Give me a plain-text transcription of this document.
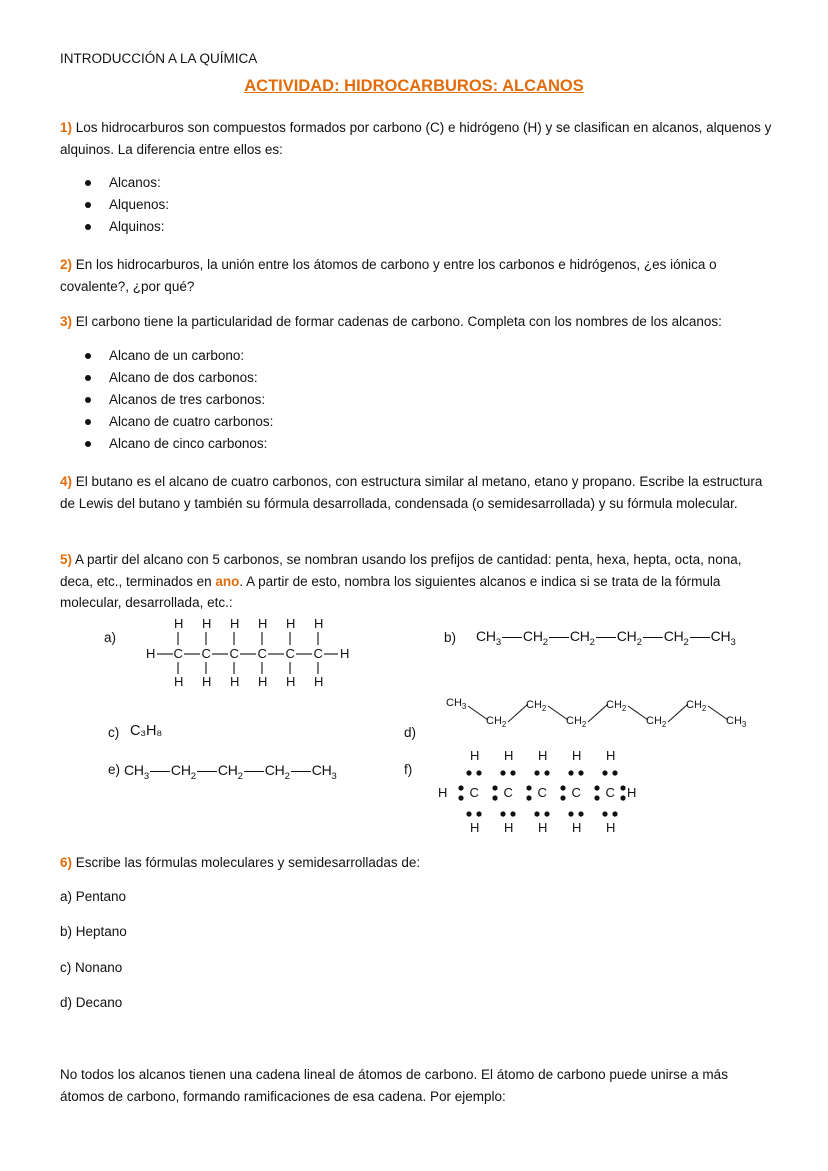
INTRODUCCIÓN A LA QUÍMICA
ACTIVIDAD: HIDROCARBUROS: ALCANOS
1) Los hidrocarburos son compuestos formados por carbono (C) e hidrógeno (H) y se clasifican en alcanos, alquenos y alquinos. La diferencia entre ellos es:
Alcanos:
Alquenos:
Alquinos:
2) En los hidrocarburos, la unión entre los átomos de carbono y entre los carbonos e hidrógenos, ¿es iónica o covalente?, ¿por qué?
3) El carbono tiene la particularidad de formar cadenas de carbono. Completa con los nombres de los alcanos:
Alcano de un carbono:
Alcano de dos carbonos:
Alcanos de tres carbonos:
Alcano de cuatro carbonos:
Alcano de cinco carbonos:
4) El butano es el alcano de cuatro carbonos, con estructura similar al metano, etano y propano. Escribe la estructura de Lewis del butano y también su fórmula desarrollada, condensada (o semidesarrollada) y su fórmula molecular.
5) A partir del alcano con 5 carbonos, se nombran usando los prefijos de cantidad: penta, hexa, hepta, octa, nona, deca, etc., terminados en ano. A partir de esto, nombra los siguientes alcanos e indica si se trata de la fórmula molecular, desarrollada, etc.:
a)	b)
c)	d)
e)	f)
H
H
C
H
H
C
H
H
C
H
H
C
H
H
C
H
H
C
H
H
$CH_3$ $CH_2$ $CH_2$ $CH_2$ $CH_2$ $CH_3$
C₃H₈
$CH_3$
$CH_2$
$CH_2$
$CH_2$
$CH_2$
$CH_2$
$CH_2$
$CH_3$
$CH_3$ $CH_2$ $CH_2$ $CH_2$ $CH_3$
H
H
C
H
H
C
H
H
C
H
H
C
H
H
C
H
H
6) Escribe las fórmulas moleculares y semidesarrolladas de:
a) Pentano
b) Heptano
c) Nonano
d) Decano
No todos los alcanos tienen una cadena lineal de átomos de carbono. El átomo de carbono puede unirse a más átomos de carbono, formando ramificaciones de esa cadena. Por ejemplo:
